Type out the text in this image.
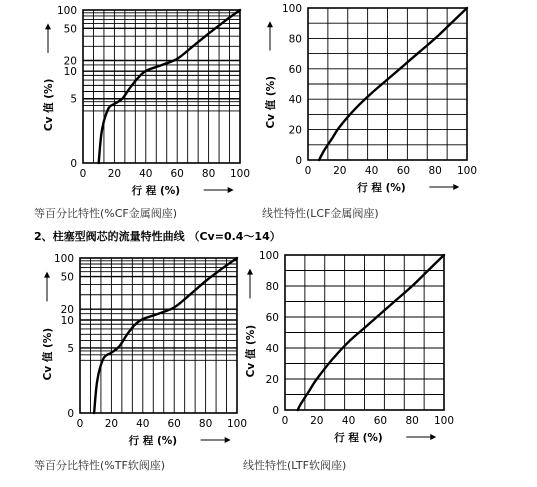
0 20 40 60 80 100
0
5
10
20
50
100
行 程 (%)
Cv 值 (%)
0 20 40 60 80 100
0
20
40
60
80
100
行 程 (%)
Cv 值 (%)
0 20 40 60 80 100
0
5
10
20
50
100
行 程 (%)
Cv 值 (%)
0 20 40 60 80 100
0
20
40
60
80
100
行 程 (%)
Cv 值 (%)
等百分比特性(%CF金属阀座)	线性特性(LCF金属阀座)
2、柱塞型阀芯的流量特性曲线 （Cv=0.4～14）
等百分比特性(%TF软阀座)	线性特性(LTF软阀座)
